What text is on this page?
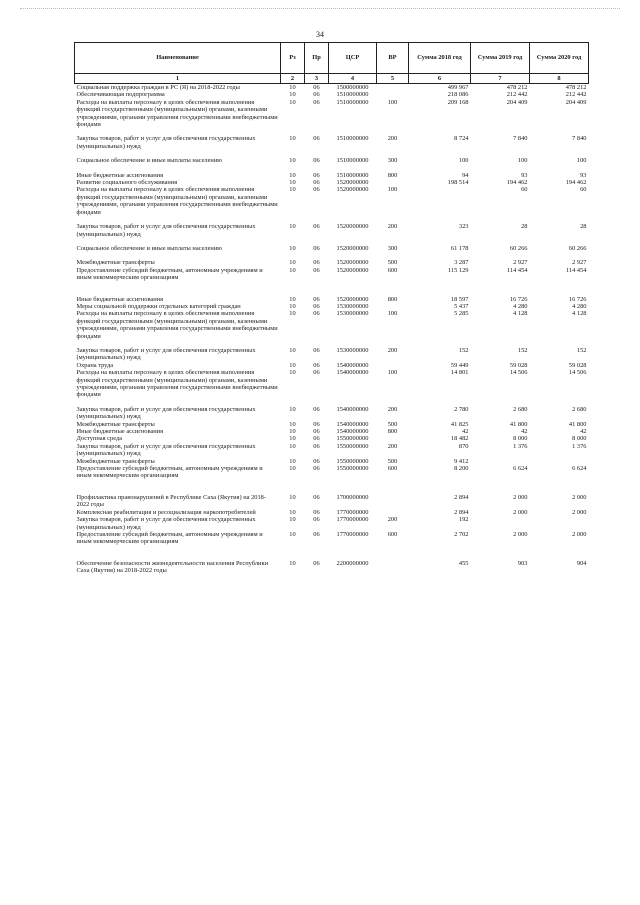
34
Наименование	Рз	Пр	ЦСР	ВР	Сумма 2018 год	Сумма 2019 год	Сумма 2020 год
1	2	3	4	5	6	7	8
Социальная поддержка граждан в РС (Я) на 2018-2022 годы	10	06	1500000000		499 967	478 212	478 212
Обеспечивающая подпрограмма	10	06	1510000000		218 086	212 442	212 442
Расходы на выплаты персоналу в целях обеспечения выполнения функций государственными (муниципальными) органами, казенными учреждениями, органами управления государственными внебюджетными фондами	10	06	1510000000	100	209 168	204 409	204 409

Закупка товаров, работ и услуг для обеспечения государственных (муниципальных) нужд	10	06	1510000000	200	8 724	7 840	7 840

Социальное обеспечение и иные выплаты населению	10	06	1510000000	300	100	100	100

Иные бюджетные ассигнования	10	06	1510000000	800	94	93	93
Развитие социального обслуживания	10	06	1520000000		198 514	194 462	194 462
Расходы на выплаты персоналу в целях обеспечения выполнения функций государственными (муниципальными) органами, казенными учреждениями, органами управления государственными внебюджетными фондами	10	06	1520000000	100		60	60

Закупка товаров, работ и услуг для обеспечения государственных (муниципальных) нужд	10	06	1520000000	200	323	28	28

Социальное обеспечение и иные выплаты населению	10	06	1520000000	300	61 178	60 266	60 266

Межбюджетные трансферты	10	06	1520000000	500	3 287	2 927	2 927
Предоставление субсидий бюджетным, автономным учреждениям и иным некоммерческим организациям	10	06	1520000000	600	115 129	114 454	114 454

Иные бюджетные ассигнования	10	06	1520000000	800	18 597	16 726	16 726
Меры социальной поддержки отдельных категорий граждан	10	06	1530000000		5 437	4 280	4 280
Расходы на выплаты персоналу в целях обеспечения выполнения функций государственными (муниципальными) органами, казенными учреждениями, органами управления государственными внебюджетными фондами	10	06	1530000000	100	5 285	4 128	4 128

Закупка товаров, работ и услуг для обеспечения государственных (муниципальных) нужд	10	06	1530000000	200	152	152	152
Охрана труда	10	06	1540000000		59 449	59 028	59 028
Расходы на выплаты персоналу в целях обеспечения выполнения функций государственными (муниципальными) органами, казенными учреждениями, органами управления государственными внебюджетными фондами	10	06	1540000000	100	14 801	14 506	14 506

Закупка товаров, работ и услуг для обеспечения государственных (муниципальных) нужд	10	06	1540000000	200	2 780	2 680	2 680
Межбюджетные трансферты	10	06	1540000000	500	41 825	41 800	41 800
Иные бюджетные ассигнования	10	06	1540000000	800	42	42	42
Доступная среда	10	06	1550000000		18 482	8 000	8 000
Закупка товаров, работ и услуг для обеспечения государственных (муниципальных) нужд	10	06	1550000000	200	870	1 376	1 376
Межбюджетные трансферты	10	06	1550000000	500	9 412		
Предоставление субсидий бюджетным, автономным учреждениям и иным некоммерческим организациям	10	06	1550000000	600	8 200	6 624	6 624

Профилактика правонарушений в Республике Саха (Якутия) на 2018-2022 годы	10	06	1700000000		2 894	2 000	2 000
Комплексная реабилитация и ресоциализация наркопотребителей	10	06	1770000000		2 894	2 000	2 000
Закупка товаров, работ и услуг для обеспечения государственных (муниципальных) нужд	10	06	1770000000	200	192		
Предоставление субсидий бюджетным, автономным учреждениям и иным некоммерческим организациям	10	06	1770000000	600	2 702	2 000	2 000

Обеспечение безопасности жизнедеятельности населения Республики Саха (Якутия) на 2018-2022 годы	10	06	2200000000		455	903	904
